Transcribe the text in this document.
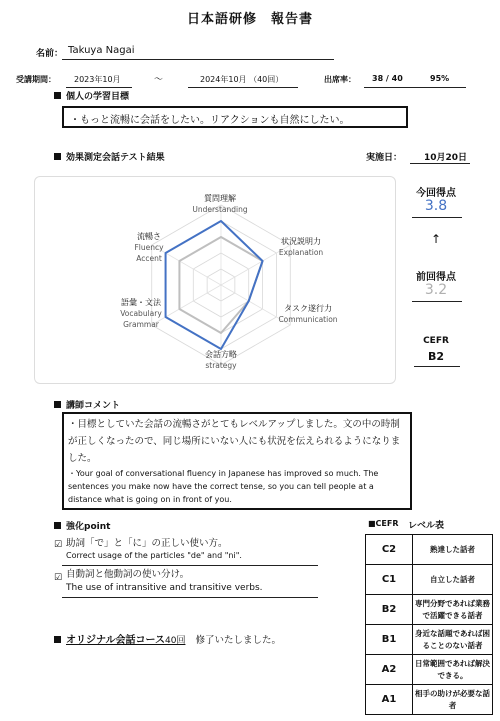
日本語研修　報告書
名前： Takuya Nagai
受講期間： 2023年10月	〜	2024年10月 （40回）	出席率： 38 / 40	95%
個人の学習目標
・もっと流暢に会話をしたい。リアクションも自然にしたい。
効果測定会話テスト結果	実施日： 10月20日
質問理解
Understanding
状況説明力
Explanation
タスク遂行力
Communication
会話方略
strategy
語彙・文法
Vocabulary Grammar
流暢さ
Fluency Accent
今回得点
3.8
↑
前回得点
3.2
CEFR
B2
講師コメント

・目標としていた会話の流暢さがとてもレベルアップしました。文の中の時制が正しくなったので、同じ場所にいない人にも状況を伝えられるようになりました。

・Your goal of conversational fluency in Japanese has improved so much. The sentences you make now have the correct tense, so you can tell people at a distance what is going on in front of you.

強化point
☑ 助詞「で」と「に」の正しい使い方。
Correct usage of the particles "de" and "ni".
☑ 自動詞と他動詞の使い分け。
The use of intransitive and transitive verbs.
オリジナル会話コース40回 修了いたしました。
■CEFR レベル表
C2	熟達した話者
C1	自立した話者
B2	専門分野であれば業務で活躍できる話者
B1	身近な話題であれば困ることのない話者
A2	日常範囲であれば解決できる。
A1	相手の助けが必要な話者
